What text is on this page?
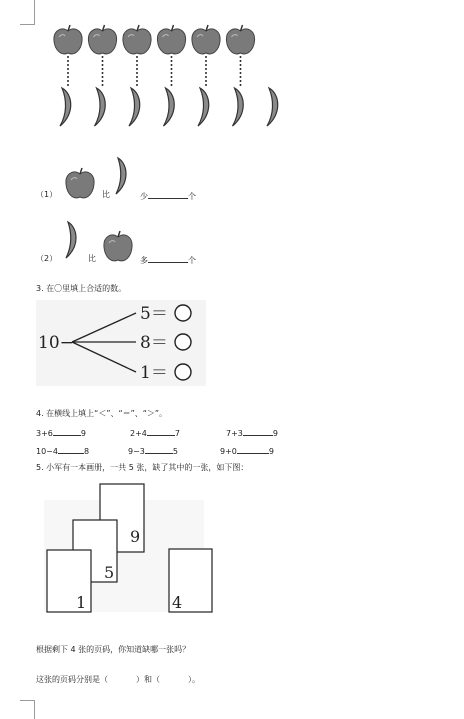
（1）	比	少	个
（2）	比	多	个
3. 在〇里填上合适的数。
10−
5＝
8＝
1＝
4. 在横线上填上“＜”、“＝”、“＞”。
3+6	9	2+4	7	7+3	9
10−4	8	9−3	5	9+0	9
5. 小军有一本画册，一共 5 张，缺了其中的一张，如下图：
9
5
1	4
根据剩下 4 张的页码，你知道缺哪一张吗？
这张的页码分别是（	）和（	）。
